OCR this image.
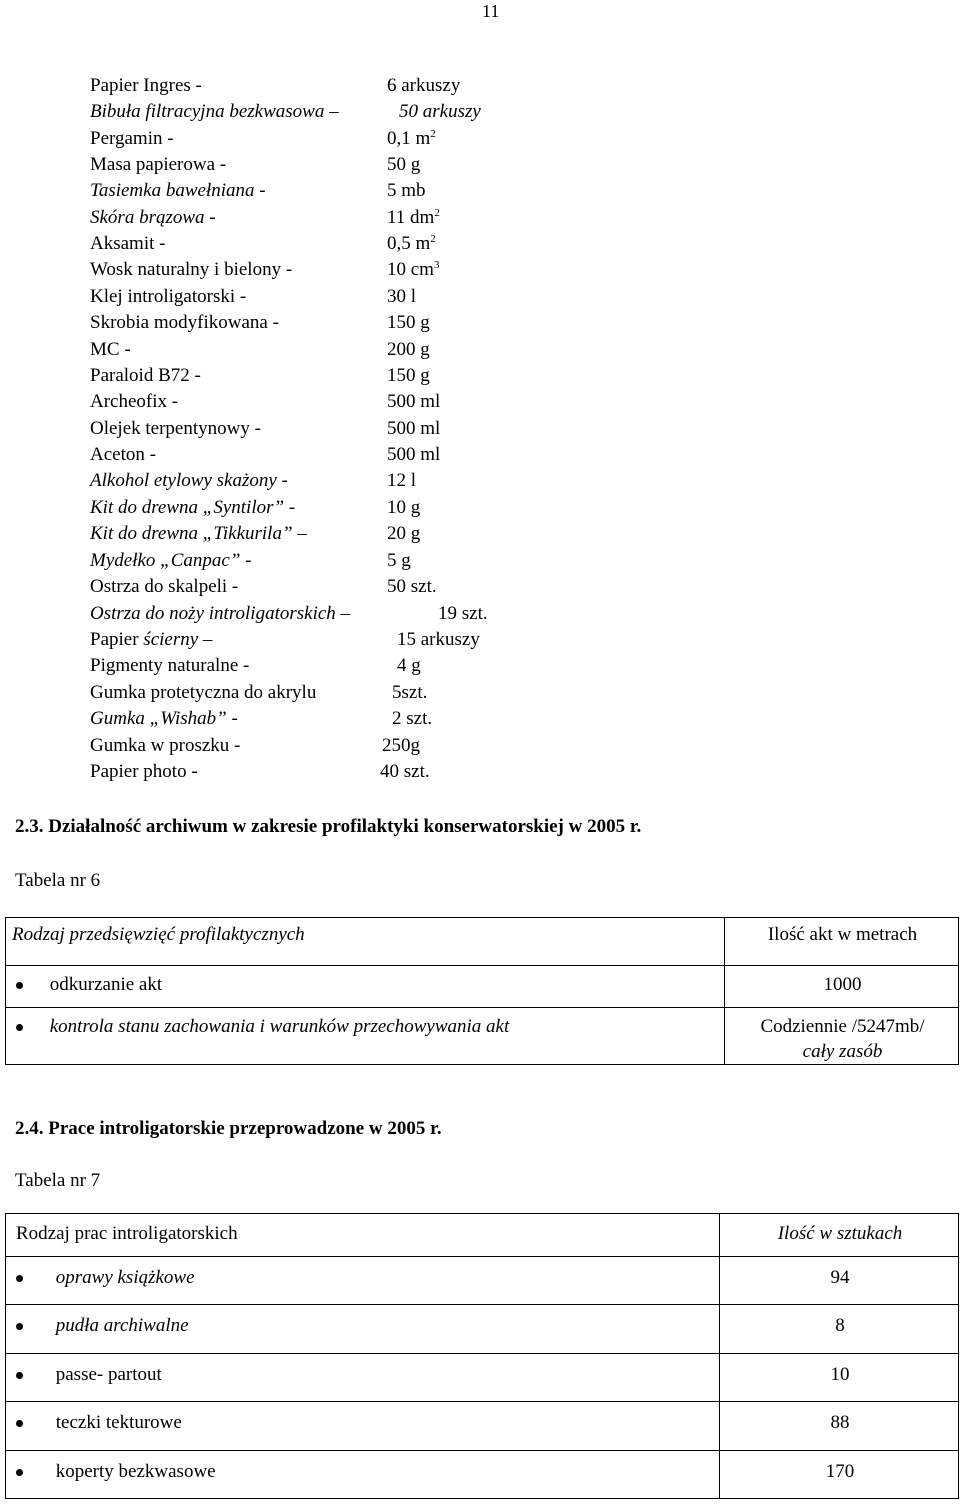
11
Papier Ingres -	6 arkuszy
Bibuła filtracyjna bezkwasowa –	50 arkuszy
Pergamin -	0,1 $m^2$
Masa papierowa -	50 g
Tasiemka bawełniana -	5 mb
Skóra brązowa -	11 $dm^2$
Aksamit -	0,5 $m^2$
Wosk naturalny i bielony -	10 $cm^3$
Klej introligatorski -	30 l
Skrobia modyfikowana -	150 g
MC -	200 g
Paraloid B72 -	150 g
Archeofix -	500 ml
Olejek terpentynowy -	500 ml
Aceton -	500 ml
Alkohol etylowy skażony -	12 l
Kit do drewna „Syntilor” -	10 g
Kit do drewna „Tikkurila” –	20 g
Mydełko „Canpac” -	5 g
Ostrza do skalpeli -	50 szt.
Ostrza do noży introligatorskich –	19 szt.
Papier ścierny –	15 arkuszy
Pigmenty naturalne -	4 g
Gumka protetyczna do akrylu	5szt.
Gumka „Wishab” -	2 szt.
Gumka w proszku -	250g
Papier photo -	40 szt.
2.3. Działalność archiwum w zakresie profilaktyki konserwatorskiej w 2005 r.
Tabela nr 6
Rodzaj przedsięwzięć profilaktycznych	Ilość akt w metrach
odkurzanie akt	1000
kontrola stanu zachowania i warunków przechowywania akt	Codziennie /5247mb/
cały zasób
2.4. Prace introligatorskie przeprowadzone w 2005 r.
Tabela nr 7
Rodzaj prac introligatorskich	Ilość w sztukach
oprawy książkowe	94
pudła archiwalne	8
passe- partout	10
teczki tekturowe	88
koperty bezkwasowe	170
